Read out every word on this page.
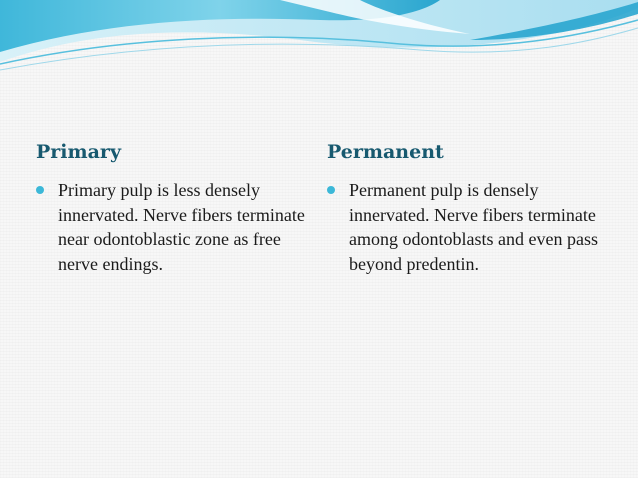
Primary
Primary pulp is less densely innervated. Nerve fibers terminate near odontoblastic zone as free nerve endings.
Permanent
Permanent pulp is densely innervated. Nerve fibers terminate among odontoblasts and even pass beyond predentin.
